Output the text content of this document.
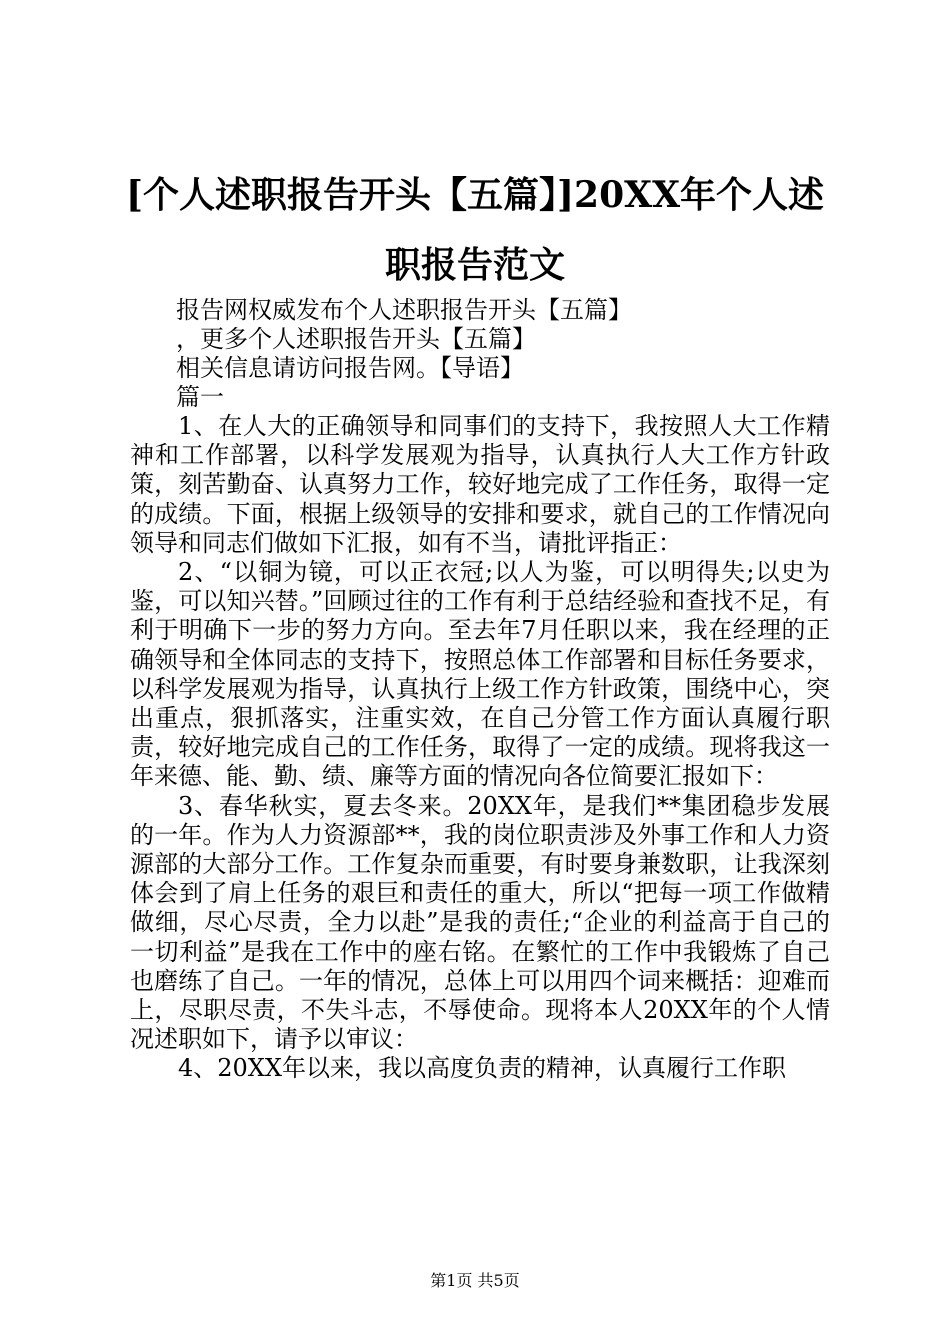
[个人述职报告开头【五篇】]20XX年个人述职报告范文

报告网权威发布个人述职报告开头【五篇】

，更多个人述职报告开头【五篇】

相关信息请访问报告网。【导语】

篇一

1、在人大的正确领导和同事们的支持下，我按照人大工作精神和工作部署，以科学发展观为指导，认真执行人大工作方针政策，刻苦勤奋、认真努力工作，较好地完成了工作任务，取得一定的成绩。下面，根据上级领导的安排和要求，就自己的工作情况向领导和同志们做如下汇报，如有不当，请批评指正：

2、“以铜为镜，可以正衣冠;以人为鉴，可以明得失;以史为鉴，可以知兴替。”回顾过往的工作有利于总结经验和查找不足，有利于明确下一步的努力方向。至去年7月任职以来，我在经理的正确领导和全体同志的支持下，按照总体工作部署和目标任务要求，以科学发展观为指导，认真执行上级工作方针政策，围绕中心，突出重点，狠抓落实，注重实效，在自己分管工作方面认真履行职责，较好地完成自己的工作任务，取得了一定的成绩。现将我这一年来德、能、勤、绩、廉等方面的情况向各位简要汇报如下：

3、春华秋实，夏去冬来。20XX年，是我们**集团稳步发展的一年。作为人力资源部**，我的岗位职责涉及外事工作和人力资源部的大部分工作。工作复杂而重要，有时要身兼数职，让我深刻体会到了肩上任务的艰巨和责任的重大，所以“把每一项工作做精做细，尽心尽责，全力以赴”是我的责任;“企业的利益高于自己的一切利益”是我在工作中的座右铭。在繁忙的工作中我锻炼了自己也磨练了自己。一年的情况，总体上可以用四个词来概括：迎难而上，尽职尽责，不失斗志，不辱使命。现将本人20XX年的个人情况述职如下，请予以审议：

4、20XX年以来，我以高度负责的精神，认真履行工作职

第1页 共5页
